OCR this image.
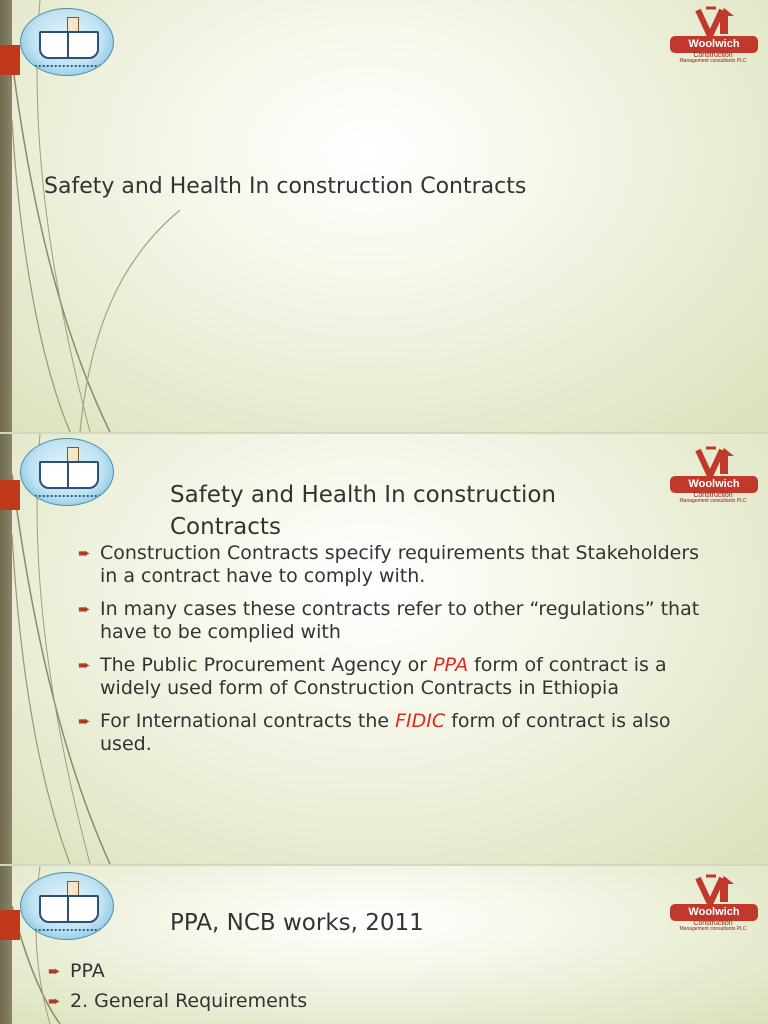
Woolwich
Construction
Management consultants PLC
Safety and Health In construction Contracts
Woolwich
Construction
Management consultants PLC
Safety and Health In construction Contracts
➨ Construction Contracts specify requirements that Stakeholders in a contract have to comply with.
➨ In many cases these contracts refer to other “regulations” that have to be complied with
➨ The Public Procurement Agency or PPA form of contract is a widely used form of Construction Contracts in Ethiopia
➨ For International contracts the FIDIC form of contract is also used.
Woolwich
Construction
Management consultants PLC
PPA, NCB works, 2011
➨ PPA
➨ 2. General Requirements
